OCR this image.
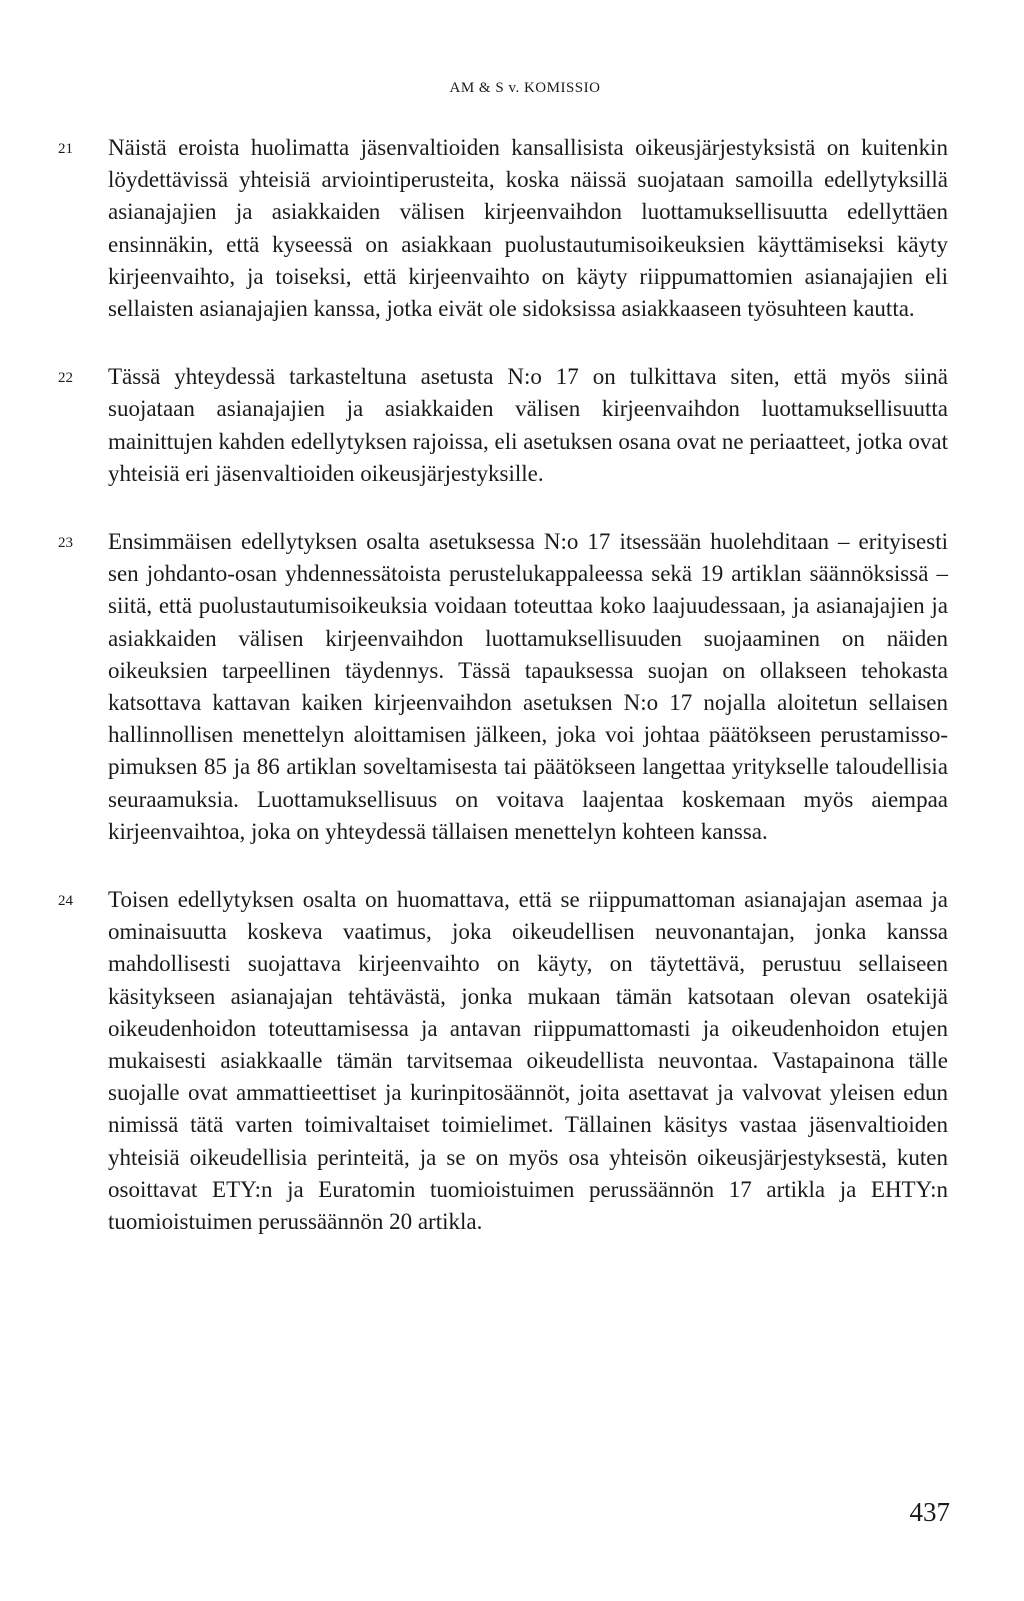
AM & S v. KOMISSIO
21 Näistä eroista huolimatta jäsenvaltioiden kansallisista oikeusjärjestyksistä on kuitenkin löydettävissä yhteisiä arviointiperusteita, koska näissä suojataan samoilla edellytyksillä asianajajien ja asiakkaiden välisen kirjeenvaihdon luottamuksellisuutta edellyttäen ensinnäkin, että kyseessä on asiakkaan puolustautumisoikeuksien käyttämiseksi käyty kirjeenvaihto, ja toiseksi, että kirjeenvaihto on käyty riippumattomien asianajajien eli sellaisten asianajajien kanssa, jotka eivät ole sidoksissa asiakkaaseen työsuhteen kautta.
22 Tässä yhteydessä tarkasteltuna asetusta N:o 17 on tulkittava siten, että myös siinä suojataan asianajajien ja asiakkaiden välisen kirjeenvaihdon luottamuksellisuutta mainittujen kahden edellytyksen rajoissa, eli asetuksen osana ovat ne periaatteet, jotka ovat yhteisiä eri jäsenvaltioiden oikeusjärjestyksille.
23 Ensimmäisen edellytyksen osalta asetuksessa N:o 17 itsessään huolehditaan – erityisesti sen johdanto-osan yhdennessätoista perustelukappaleessa sekä 19 artiklan säännöksissä – siitä, että puolustautumisoikeuksia voidaan toteuttaa koko laajuudessaan, ja asianajajien ja asiakkaiden välisen kirjeenvaihdon luottamuksellisuuden suojaaminen on näiden oikeuksien tarpeellinen täydennys. Tässä tapauksessa suojan on ollakseen tehokasta katsottava kattavan kaiken kirjeenvaihdon asetuksen N:o 17 nojalla aloitetun sellaisen hallinnollisen menettelyn aloittamisen jälkeen, joka voi johtaa päätökseen perustamissopimuksen 85 ja 86 artiklan soveltamisesta tai päätökseen langettaa yritykselle taloudellisia seuraamuksia. Luottamuksellisuus on voitava laajentaa koskemaan myös aiempaa kirjeenvaihtoa, joka on yhteydessä tällaisen menettelyn kohteen kanssa.
24 Toisen edellytyksen osalta on huomattava, että se riippumattoman asianajajan asemaa ja ominaisuutta koskeva vaatimus, joka oikeudellisen neuvonantajan, jonka kanssa mahdollisesti suojattava kirjeenvaihto on käyty, on täytettävä, perustuu sellaiseen käsitykseen asianajajan tehtävästä, jonka mukaan tämän katsotaan olevan osatekijä oikeudenhoidon toteuttamisessa ja antavan riippumattomasti ja oikeudenhoidon etujen mukaisesti asiakkaalle tämän tarvitsemaa oikeudellista neuvontaa. Vastapainona tälle suojalle ovat ammattieettiset ja kurinpitosäännöt, joita asettavat ja valvovat yleisen edun nimissä tätä varten toimivaltaiset toimielimet. Tällainen käsitys vastaa jäsenvaltioiden yhteisiä oikeudellisia perinteitä, ja se on myös osa yhteisön oikeusjärjestyksestä, kuten osoittavat ETY:n ja Euratomin tuomioistuimen perussäännön 17 artikla ja EHTY:n tuomioistuimen perussäännön 20 artikla.
437
